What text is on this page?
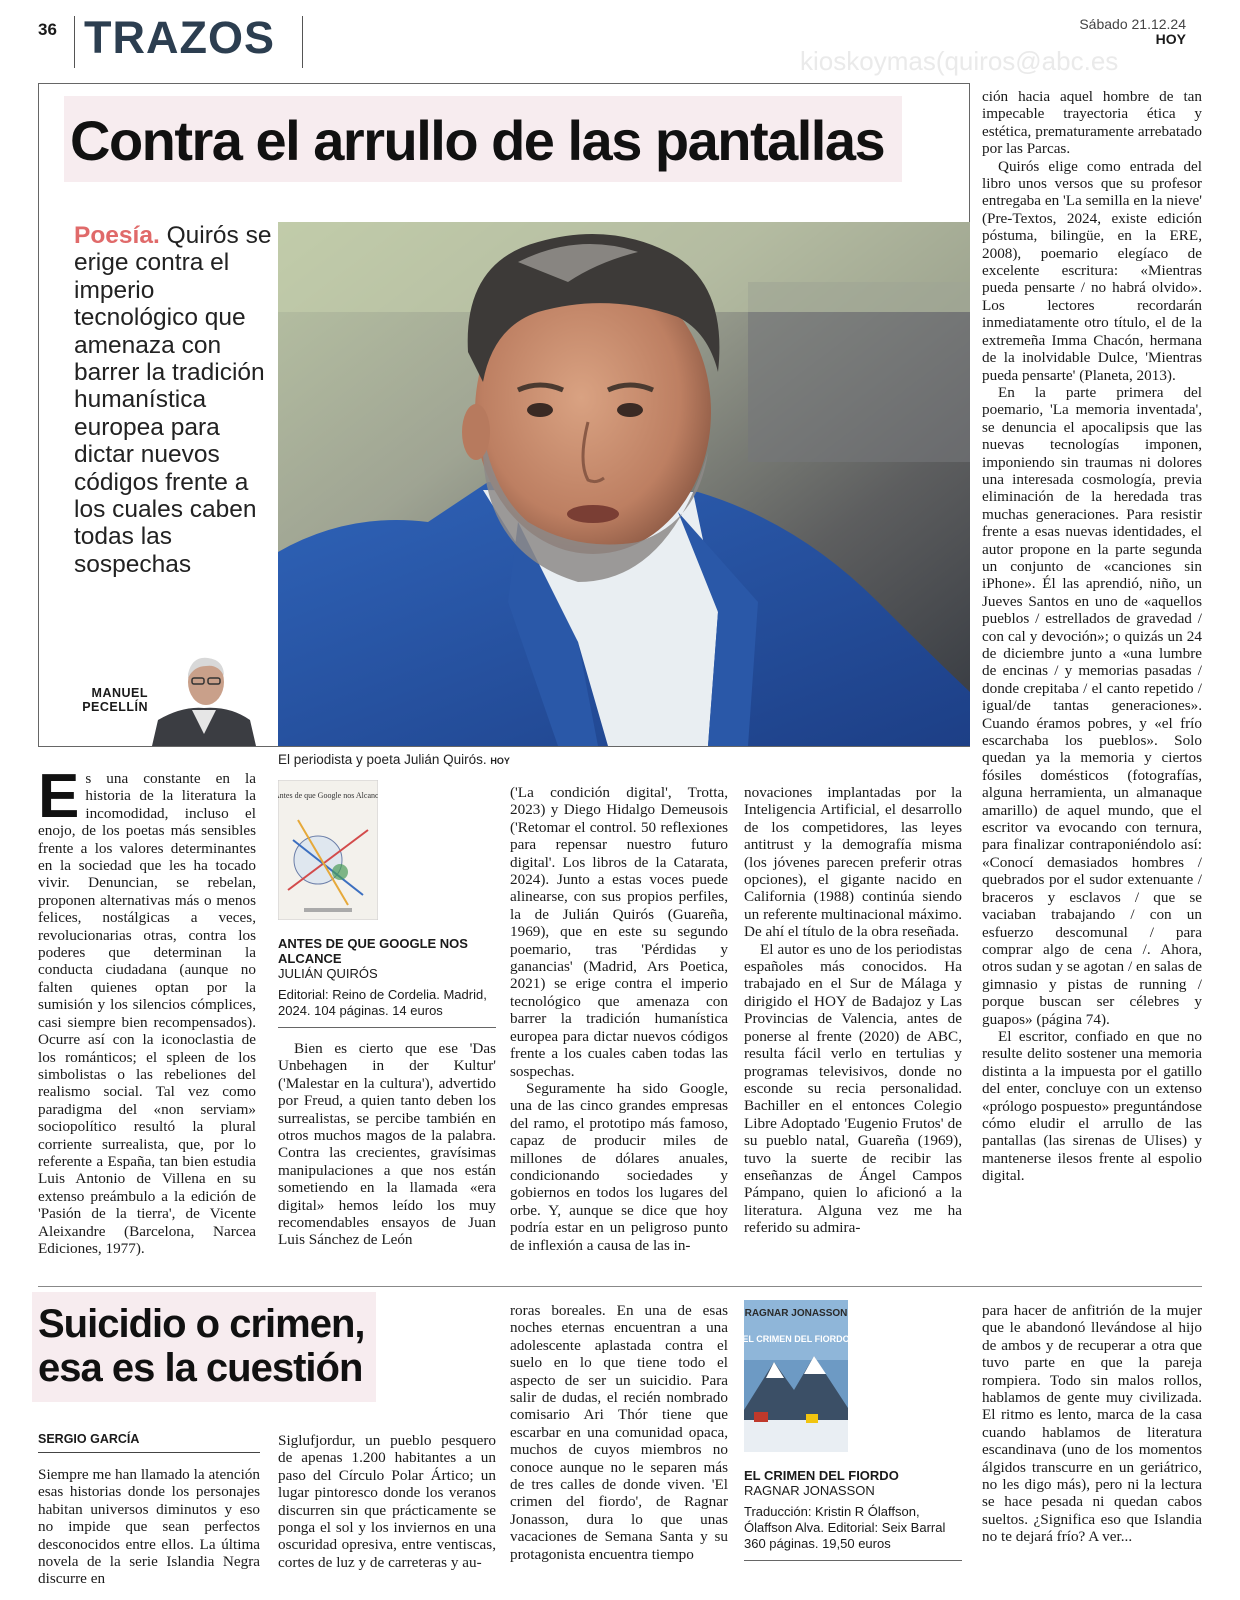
36 TRAZOS	Sábado 21.12.24
HOY
kioskoymas(quiros@abc.es
Contra el arrullo de las pantallas
Poesía. Quirós se erige contra el imperio tecnológico que amenaza con barrer la tradición humanística europea para dictar nuevos códigos frente a los cuales caben todas las sospechas
El periodista y poeta Julián Quirós. HOY
MANUEL PECELLÍN

Es una constante en la historia de la literatura la incomodidad, incluso el enojo, de los poetas más sensibles frente a los valores determinantes en la sociedad que les ha tocado vivir. Denuncian, se rebelan, proponen alternativas más o menos felices, nostálgicas a veces, revolucionarias otras, contra los poderes que determinan la conducta ciudadana (aunque no falten quienes optan por la sumisión y los silencios cómplices, casi siempre bien recompensados). Ocurre así con la iconoclastia de los románticos; el spleen de los simbolistas o las rebeliones del realismo social. Tal vez como paradigma del «non serviam» sociopolítico resultó la plural corriente surrealista, que, por lo referente a España, tan bien estudia Luis Antonio de Villena en su extenso preámbulo a la edición de 'Pasión de la tierra', de Vicente Aleixandre (Barcelona, Narcea Ediciones, 1977).

Antes de que Google nos Alcance
ANTES DE QUE GOOGLE NOS ALCANCE
JULIÁN QUIRÓS
Editorial: Reino de Cordelia. Madrid, 2024. 104 páginas. 14 euros

Bien es cierto que ese 'Das Unbehagen in der Kultur' ('Malestar en la cultura'), advertido por Freud, a quien tanto deben los surrealistas, se percibe también en otros muchos magos de la palabra. Contra las crecientes, gravísimas manipulaciones a que nos están sometiendo en la llamada «era digital» hemos leído los muy recomendables ensayos de Juan Luis Sánchez de León

('La condición digital', Trotta, 2023) y Diego Hidalgo Demeusois ('Retomar el control. 50 reflexiones para repensar nuestro futuro digital'. Los libros de la Catarata, 2024). Junto a estas voces puede alinearse, con sus propios perfiles, la de Julián Quirós (Guareña, 1969), que en este su segundo poemario, tras 'Pérdidas y ganancias' (Madrid, Ars Poetica, 2021) se erige contra el imperio tecnológico que amenaza con barrer la tradición humanística europea para dictar nuevos códigos frente a los cuales caben todas las sospechas.

Seguramente ha sido Google, una de las cinco grandes empresas del ramo, el prototipo más famoso, capaz de producir miles de millones de dólares anuales, condicionando sociedades y gobiernos en todos los lugares del orbe. Y, aunque se dice que hoy podría estar en un peligroso punto de inflexión a causa de las in-

novaciones implantadas por la Inteligencia Artificial, el desarrollo de los competidores, las leyes antitrust y la demografía misma (los jóvenes parecen preferir otras opciones), el gigante nacido en California (1988) continúa siendo un referente multinacional máximo. De ahí el título de la obra reseñada.

El autor es uno de los periodistas españoles más conocidos. Ha trabajado en el Sur de Málaga y dirigido el HOY de Badajoz y Las Provincias de Valencia, antes de ponerse al frente (2020) de ABC, resulta fácil verlo en tertulias y programas televisivos, donde no esconde su recia personalidad. Bachiller en el entonces Colegio Libre Adoptado 'Eugenio Frutos' de su pueblo natal, Guareña (1969), tuvo la suerte de recibir las enseñanzas de Ángel Campos Pámpano, quien lo aficionó a la literatura. Alguna vez me ha referido su admira-

ción hacia aquel hombre de tan impecable trayectoria ética y estética, prematuramente arrebatado por las Parcas.

Quirós elige como entrada del libro unos versos que su profesor entregaba en 'La semilla en la nieve' (Pre-Textos, 2024, existe edición póstuma, bilingüe, en la ERE, 2008), poemario elegíaco de excelente escritura: «Mientras pueda pensarte / no habrá olvido». Los lectores recordarán inmediatamente otro título, el de la extremeña Imma Chacón, hermana de la inolvidable Dulce, 'Mientras pueda pensarte' (Planeta, 2013).

En la parte primera del poemario, 'La memoria inventada', se denuncia el apocalipsis que las nuevas tecnologías imponen, imponiendo sin traumas ni dolores una interesada cosmología, previa eliminación de la heredada tras muchas generaciones. Para resistir frente a esas nuevas identidades, el autor propone en la parte segunda un conjunto de «canciones sin iPhone». Él las aprendió, niño, un Jueves Santos en uno de «aquellos pueblos / estrellados de gravedad / con cal y devoción»; o quizás un 24 de diciembre junto a «una lumbre de encinas / y memorias pasadas / donde crepitaba / el canto repetido / igual/de tantas generaciones». Cuando éramos pobres, y «el frío escarchaba los pueblos». Solo quedan ya la memoria y ciertos fósiles domésticos (fotografías, alguna herramienta, un almanaque amarillo) de aquel mundo, que el escritor va evocando con ternura, para finalizar contraponiéndolo así: «Conocí demasiados hombres / quebrados por el sudor extenuante / braceros y esclavos / que se vaciaban trabajando / con un esfuerzo descomunal / para comprar algo de cena /. Ahora, otros sudan y se agotan / en salas de gimnasio y pistas de running / porque buscan ser célebres y guapos» (página 74).

El escritor, confiado en que no resulte delito sostener una memoria distinta a la impuesta por el gatillo del enter, concluye con un extenso «prólogo pospuesto» preguntándose cómo eludir el arrullo de las pantallas (las sirenas de Ulises) y mantenerse ilesos frente al espolio digital.

Suicidio o crimen,
esa es la cuestión
SERGIO GARCÍA

Siempre me han llamado la atención esas historias donde los personajes habitan universos diminutos y eso no impide que sean perfectos desconocidos entre ellos. La última novela de la serie Islandia Negra discurre en

Siglufjordur, un pueblo pesquero de apenas 1.200 habitantes a un paso del Círculo Polar Ártico; un lugar pintoresco donde los veranos discurren sin que prácticamente se ponga el sol y los inviernos en una oscuridad opresiva, entre ventiscas, cortes de luz y de carreteras y au-

roras boreales. En una de esas noches eternas encuentran a una adolescente aplastada contra el suelo en lo que tiene todo el aspecto de ser un suicidio. Para salir de dudas, el recién nombrado comisario Ari Thór tiene que escarbar en una comunidad opaca, muchos de cuyos miembros no conoce aunque no le separen más de tres calles de donde viven. 'El crimen del fiordo', de Ragnar Jonasson, dura lo que unas vacaciones de Semana Santa y su protagonista encuentra tiempo

RAGNAR JONASSON
EL CRIMEN DEL FIORDO
EL CRIMEN DEL FIORDO
RAGNAR JONASSON
Traducción: Kristin R Ólaffson, Ólaffson Alva. Editorial: Seix Barral 360 páginas. 19,50 euros

para hacer de anfitrión de la mujer que le abandonó llevándose al hijo de ambos y de recuperar a otra que tuvo parte en que la pareja rompiera. Todo sin malos rollos, hablamos de gente muy civilizada. El ritmo es lento, marca de la casa cuando hablamos de literatura escandinava (uno de los momentos álgidos transcurre en un geriátrico, no les digo más), pero ni la lectura se hace pesada ni quedan cabos sueltos. ¿Significa eso que Islandia no te dejará frío? A ver...
